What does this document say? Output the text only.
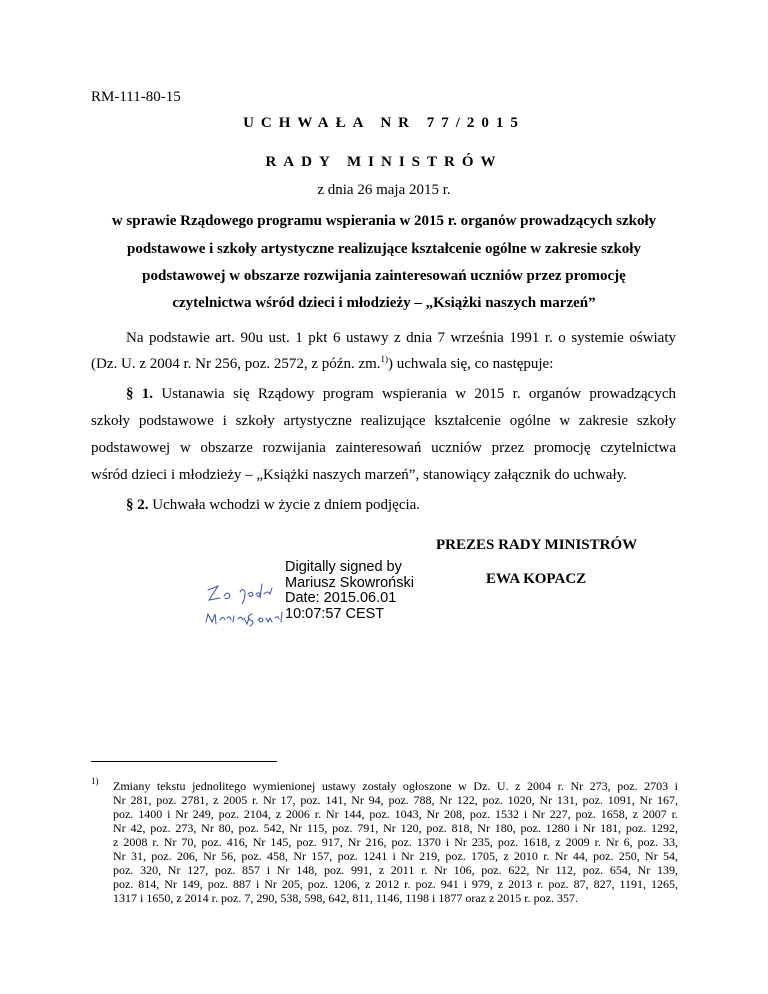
RM-111-80-15
UCHWAŁA NR 77/2015
RADY MINISTRÓW
z dnia 26 maja 2015 r.
w sprawie Rządowego programu wspierania w 2015 r. organów prowadzących szkoły
podstawowe i szkoły artystyczne realizujące kształcenie ogólne w zakresie szkoły
podstawowej w obszarze rozwijania zainteresowań uczniów przez promocję
czytelnictwa wśród dzieci i młodzieży – „Książki naszych marzeń”
Na podstawie art. 90u ust. 1 pkt 6 ustawy z dnia 7 września 1991 r. o systemie oświaty
(Dz. U. z 2004 r. Nr 256, poz. 2572, z późn. zm.$^{1)}$) uchwala się, co następuje:
§ 1. Ustanawia się Rządowy program wspierania w 2015 r. organów prowadzących
szkoły podstawowe i szkoły artystyczne realizujące kształcenie ogólne w zakresie szkoły
podstawowej w obszarze rozwijania zainteresowań uczniów przez promocję czytelnictwa
wśród dzieci i młodzieży – „Książki naszych marzeń”, stanowiący załącznik do uchwały.
§ 2. Uchwała wchodzi w życie z dniem podjęcia.
PREZES RADY MINISTRÓW
EWA KOPACZ
Digitally signed by Mariusz Skowroński Date: 2015.06.01 10:07:57 CEST
1) Zmiany tekstu jednolitego wymienionej ustawy zostały ogłoszone w Dz. U. z 2004 r. Nr 273, poz. 2703 i
Nr 281, poz. 2781, z 2005 r. Nr 17, poz. 141, Nr 94, poz. 788, Nr 122, poz. 1020, Nr 131, poz. 1091, Nr 167,
poz. 1400 i Nr 249, poz. 2104, z 2006 r. Nr 144, poz. 1043, Nr 208, poz. 1532 i Nr 227, poz. 1658, z 2007 r.
Nr 42, poz. 273, Nr 80, poz. 542, Nr 115, poz. 791, Nr 120, poz. 818, Nr 180, poz. 1280 i Nr 181, poz. 1292,
z 2008 r. Nr 70, poz. 416, Nr 145, poz. 917, Nr 216, poz. 1370 i Nr 235, poz. 1618, z 2009 r. Nr 6, poz. 33,
Nr 31, poz. 206, Nr 56, poz. 458, Nr 157, poz. 1241 i Nr 219, poz. 1705, z 2010 r. Nr 44, poz. 250, Nr 54,
poz. 320, Nr 127, poz. 857 i Nr 148, poz. 991, z 2011 r. Nr 106, poz. 622, Nr 112, poz. 654, Nr 139,
poz. 814, Nr 149, poz. 887 i Nr 205, poz. 1206, z 2012 r. poz. 941 i 979, z 2013 r. poz. 87, 827, 1191, 1265,
1317 i 1650, z 2014 r. poz. 7, 290, 538, 598, 642, 811, 1146, 1198 i 1877 oraz z 2015 r. poz. 357.
